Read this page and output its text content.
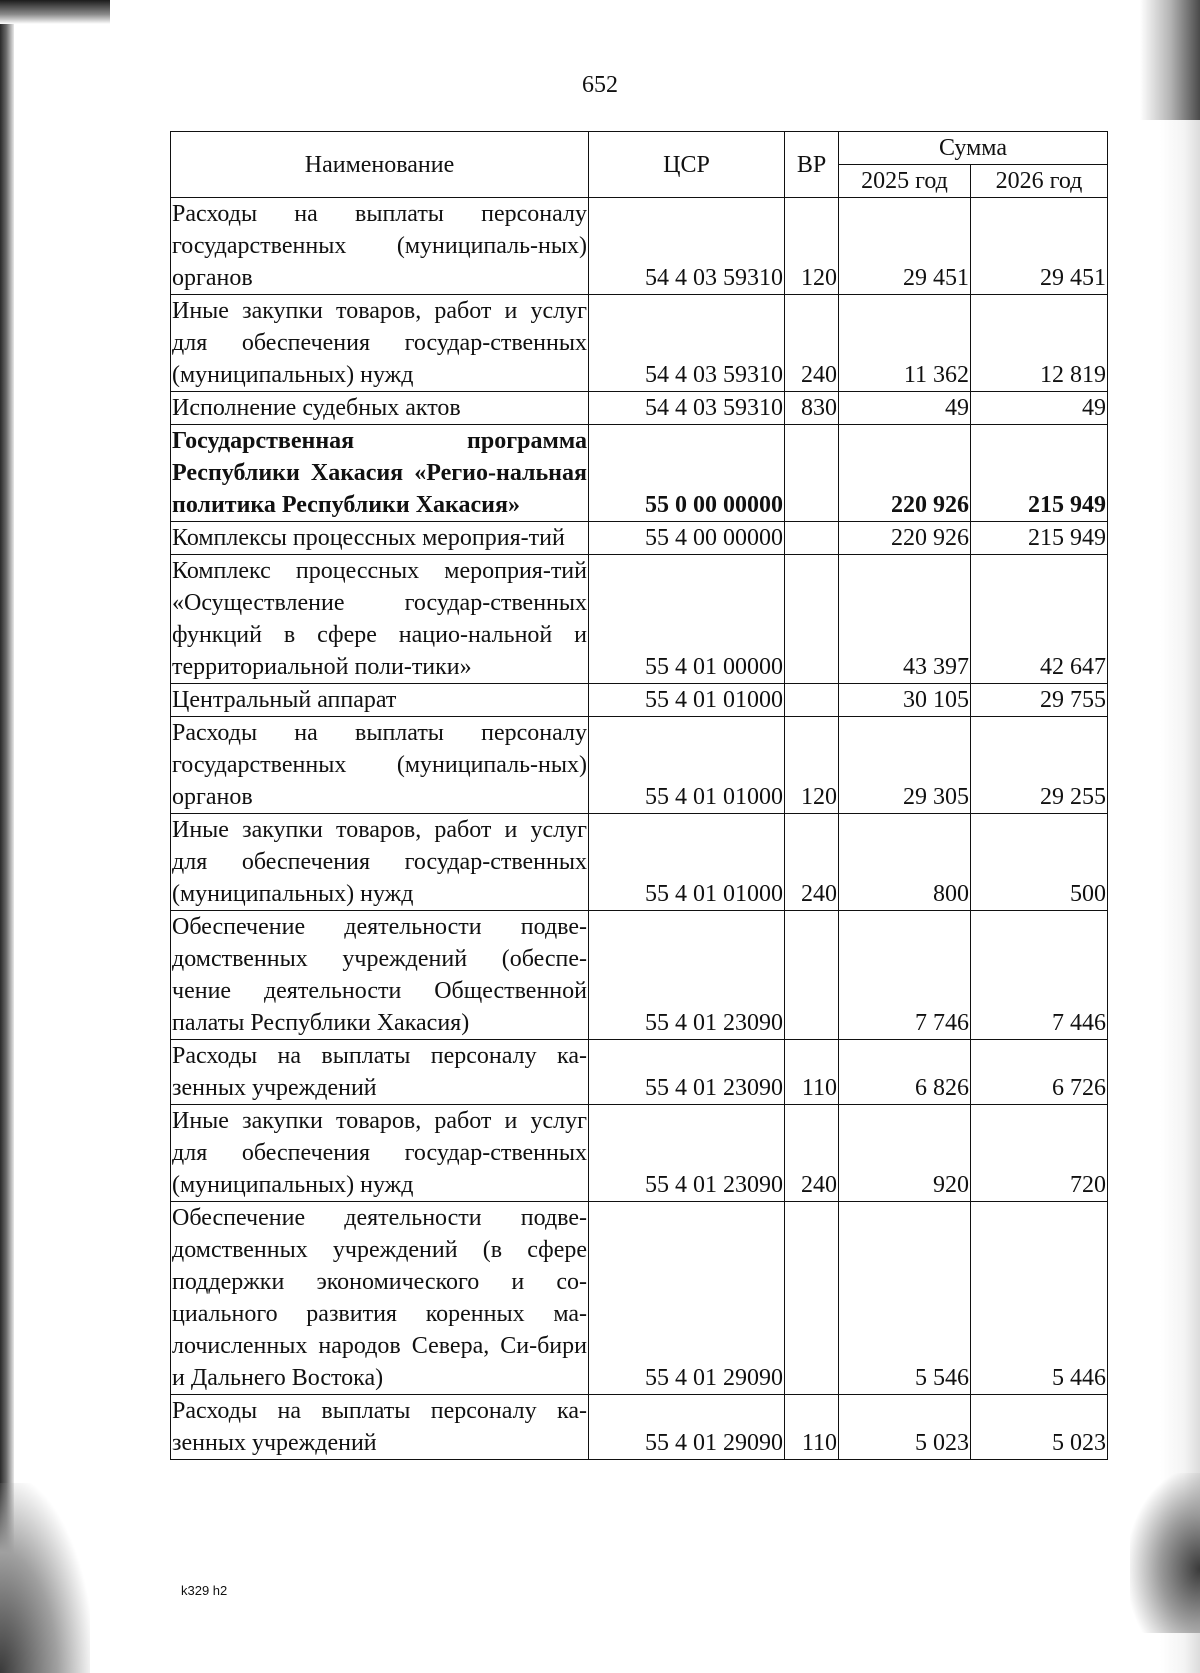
652
Наименование	ЦСР	ВР	Сумма	
			2025 год	2026 год
Расходы на выплаты персоналу государственных (муниципаль-ных) органов	54 4 03 59310	120	29 451	29 451
Иные закупки товаров, работ и услуг для обеспечения государ-ственных (муниципальных) нужд	54 4 03 59310	240	11 362	12 819
Исполнение судебных актов	54 4 03 59310	830	49	49
Государственная программа Республики Хакасия «Регио-нальная политика Республики Хакасия»	55 0 00 00000		220 926	215 949
Комплексы процессных мероприя-тий	55 4 00 00000		220 926	215 949
Комплекс процессных мероприя-тий «Осуществление государ-ственных функций в сфере нацио-нальной и территориальной поли-тики»	55 4 01 00000		43 397	42 647
Центральный аппарат	55 4 01 01000		30 105	29 755
Расходы на выплаты персоналу государственных (муниципаль-ных) органов	55 4 01 01000	120	29 305	29 255
Иные закупки товаров, работ и услуг для обеспечения государ-ственных (муниципальных) нужд	55 4 01 01000	240	800	500
Обеспечение деятельности подве-домственных учреждений (обеспе-чение деятельности Общественной палаты Республики Хакасия)	55 4 01 23090		7 746	7 446
Расходы на выплаты персоналу ка-зенных учреждений	55 4 01 23090	110	6 826	6 726
Иные закупки товаров, работ и услуг для обеспечения государ-ственных (муниципальных) нужд	55 4 01 23090	240	920	720
Обеспечение деятельности подве-домственных учреждений (в сфере поддержки экономического и со-циального развития коренных ма-лочисленных народов Севера, Си-бири и Дальнего Востока)	55 4 01 29090		5 546	5 446
Расходы на выплаты персоналу ка-зенных учреждений	55 4 01 29090	110	5 023	5 023
k329 h2
